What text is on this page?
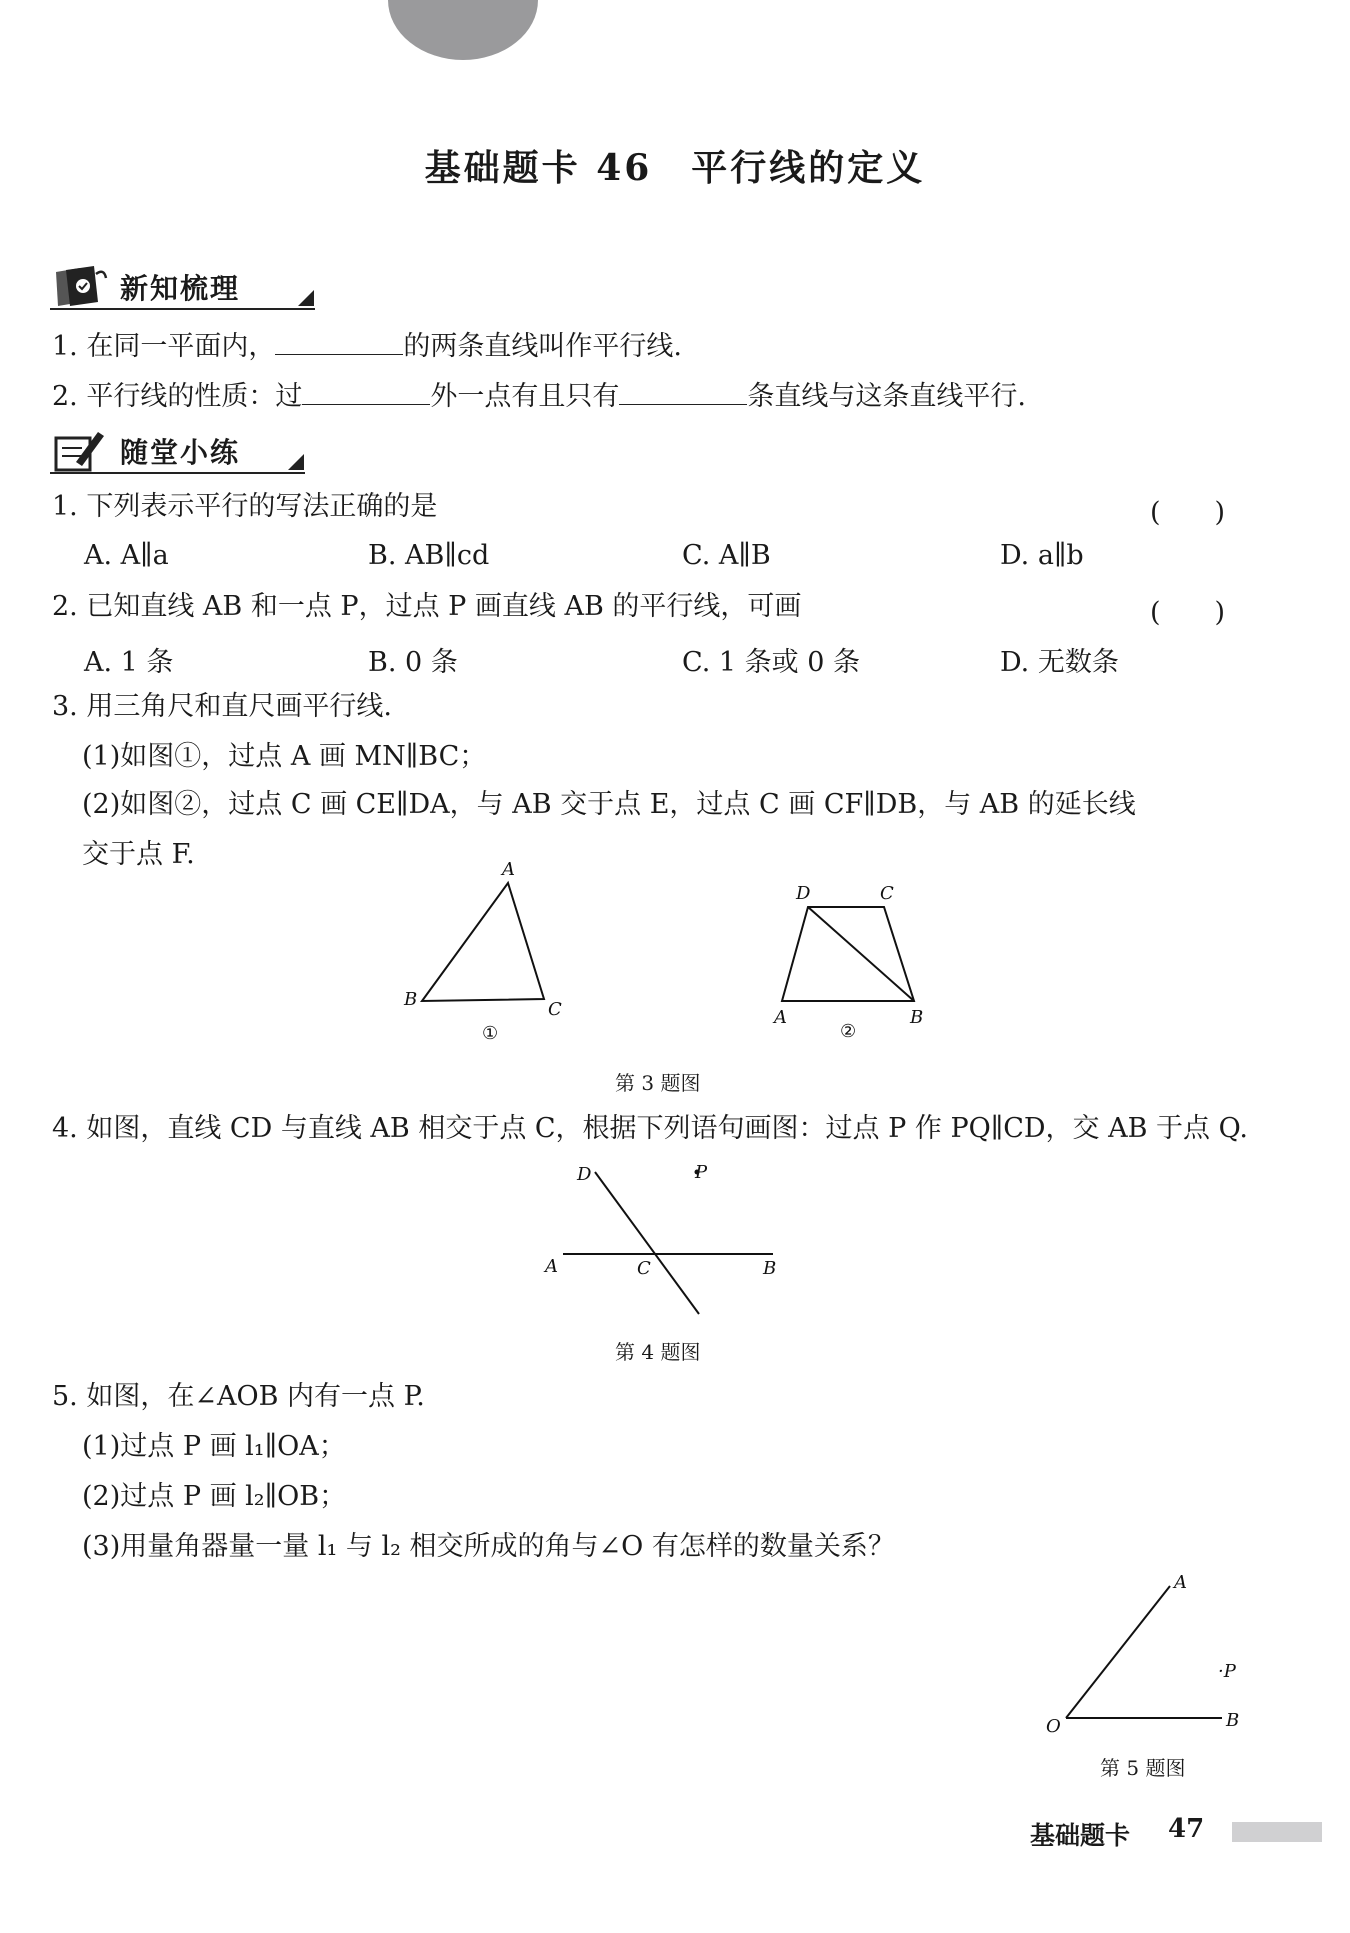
基础题卡 46　平行线的定义
新知梳理
1. 在同一平面内，	的两条直线叫作平行线.
2. 平行线的性质：过	外一点有且只有	条直线与这条直线平行.
随堂小练
1. 下列表示平行的写法正确的是	(　　)
A. A∥a	B. AB∥cd	C. A∥B	D. a∥b
2. 已知直线 AB 和一点 P，过点 P 画直线 AB 的平行线，可画	(　　)
A. 1 条	B. 0 条	C. 1 条或 0 条	D. 无数条
3. 用三角尺和直尺画平行线.
(1)如图①，过点 A 画 MN∥BC；
(2)如图②，过点 C 画 CE∥DA，与 AB 交于点 E，过点 C 画 CF∥DB，与 AB 的延长线
交于点 F.	A
B	C
①
D	C
A	B
②
第 3 题图
4. 如图，直线 CD 与直线 AB 相交于点 C，根据下列语句画图：过点 P 作 PQ∥CD，交 AB 于点 Q.
D	P
A	C	B
第 4 题图
5. 如图，在∠AOB 内有一点 P.
(1)过点 P 画 l₁∥OA；
(2)过点 P 画 l₂∥OB；
(3)用量角器量一量 l₁ 与 l₂ 相交所成的角与∠O 有怎样的数量关系？
A
·P
O	B
第 5 题图
基础题卡 47
